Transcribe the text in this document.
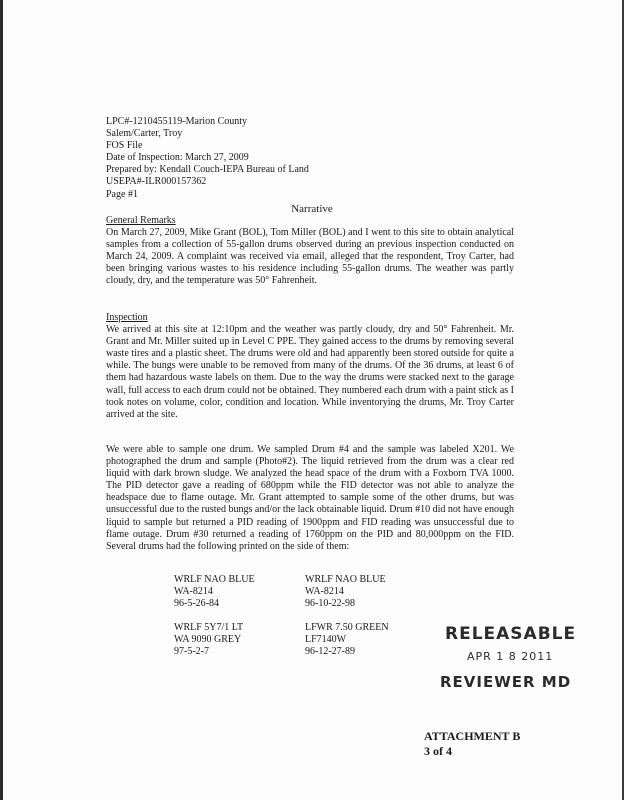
LPC#-1210455119-Marion County
Salem/Carter, Troy
FOS File
Date of Inspection: March 27, 2009
Prepared by: Kendall Couch-IEPA Bureau of Land
USEPA#-ILR000157362
Page #1
Narrative
General Remarks

On March 27, 2009, Mike Grant (BOL), Tom Miller (BOL) and I went to this site to obtain analytical samples from a collection of 55-gallon drums observed during an previous inspection conducted on March 24, 2009. A complaint was received via email, alleged that the respondent, Troy Carter, had been bringing various wastes to his residence including 55-gallon drums. The weather was partly cloudy, dry, and the temperature was 50° Fahrenheit.

Inspection

We arrived at this site at 12:10pm and the weather was partly cloudy, dry and 50° Fahrenheit. Mr. Grant and Mr. Miller suited up in Level C PPE. They gained access to the drums by removing several waste tires and a plastic sheet. The drums were old and had apparently been stored outside for quite a while. The bungs were unable to be removed from many of the drums. Of the 36 drums, at least 6 of them had hazardous waste labels on them. Due to the way the drums were stacked next to the garage wall, full access to each drum could not be obtained. They numbered each drum with a paint stick as I took notes on volume, color, condition and location. While inventorying the drums, Mr. Troy Carter arrived at the site.

We were able to sample one drum. We sampled Drum #4 and the sample was labeled X201. We photographed the drum and sample (Photo#2). The liquid retrieved from the drum was a clear red liquid with dark brown sludge. We analyzed the head space of the drum with a Foxborn TVA 1000. The PID detector gave a reading of 680ppm while the FID detector was not able to analyze the headspace due to flame outage. Mr. Grant attempted to sample some of the other drums, but was unsuccessful due to the rusted bungs and/or the lack obtainable liquid. Drum #10 did not have enough liquid to sample but returned a PID reading of 1900ppm and FID reading was unsuccessful due to flame outage. Drum #30 returned a reading of 1760ppm on the PID and 80,000ppm on the FID. Several drums had the following printed on the side of them:

WRLF NAO BLUE
WA-8214
96-5-26-84
WRLF NAO BLUE
WA-8214
96-10-22-98
WRLF 5Y7/1 LT
WA 9090 GREY
97-5-2-7
LFWR 7.50 GREEN
LF7140W
96-12-27-89
RELEASABLE
APR 1 8 2011
REVIEWER MD
ATTACHMENT B
3 of 4
